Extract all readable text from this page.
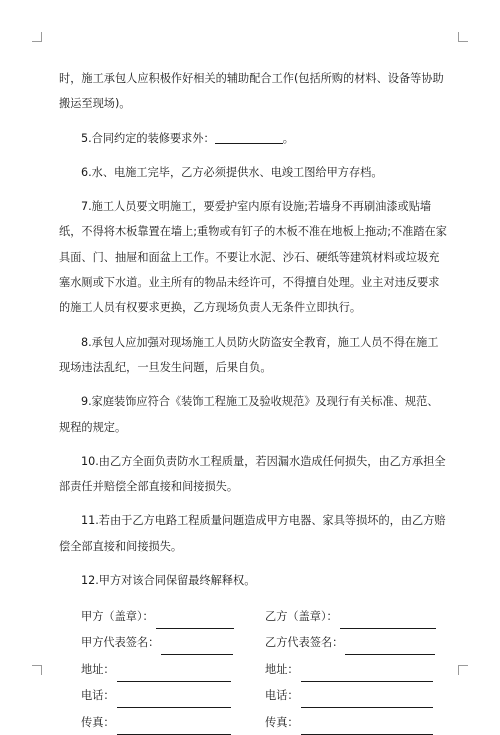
时，施工承包人应积极作好相关的辅助配合工作(包括所购的材料、设备等协助搬运至现场)。

5.合同约定的装修要求外：	。

6.水、电施工完毕，乙方必须提供水、电竣工图给甲方存档。

7.施工人员要文明施工，要爱护室内原有设施;若墙身不再刷油漆或贴墙纸，不得将木板靠置在墙上;重物或有钉子的木板不准在地板上拖动;不准踏在家具面、门、抽屉和面盆上工作。不要让水泥、沙石、硬纸等建筑材料或垃圾充塞水厕或下水道。业主所有的物品未经许可，不得擅自处理。业主对违反要求的施工人员有权要求更换，乙方现场负责人无条件立即执行。

8.承包人应加强对现场施工人员防火防盗安全教育，施工人员不得在施工现场违法乱纪，一旦发生问题，后果自负。

9.家庭装饰应符合《装饰工程施工及验收规范》及现行有关标准、规范、规程的规定。

10.由乙方全面负责防水工程质量，若因漏水造成任何损失，由乙方承担全部责任并赔偿全部直接和间接损失。

11.若由于乙方电路工程质量问题造成甲方电器、家具等损坏的，由乙方赔偿全部直接和间接损失。

12.甲方对该合同保留最终解释权。

甲方（盖章）：	乙方（盖章）：
甲方代表签名：	乙方代表签名：
地址：	地址：
电话：	电话：
传真：	传真：
